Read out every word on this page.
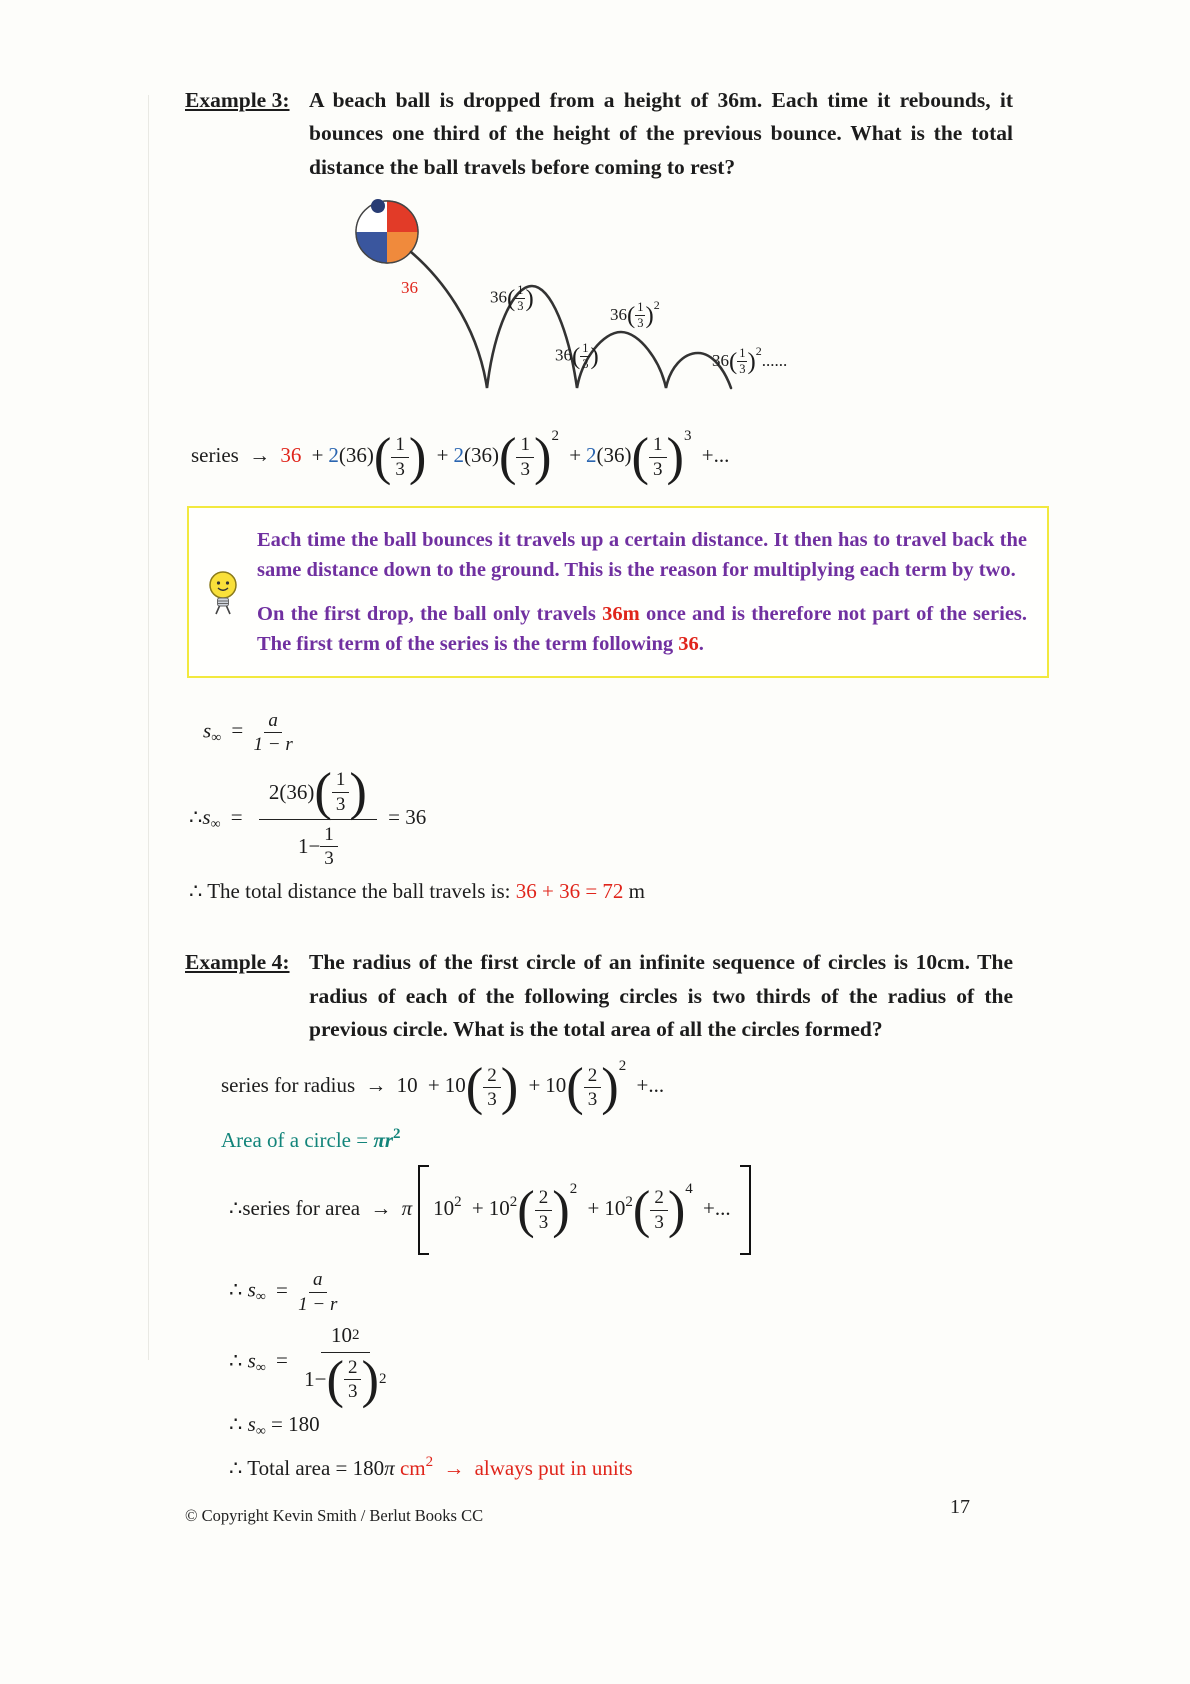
Example 3: A beach ball is dropped from a height of 36m. Each time it rebounds, it bounces one third of the height of the previous bounce. What is the total distance the ball travels before coming to rest?
36
$36( \frac{1}{3}$ )
$36( \frac{1}{3}$ )
$36( \frac{1}{3} )^2$
$36( \frac{1}{3} )^2$......
series → $36 + 2(36)( \frac{1}{3}$ ) + $2(36)( \frac{1}{3} )^2 + 2(36)( \frac{1}{3} )^3$ +...

Each time the ball bounces it travels up a certain distance. It then has to travel back the same distance down to the ground. This is the reason for multiplying each term by two.

On the first drop, the ball only travels 36m once and is therefore not part of the series. The first term of the series is the term following 36.

$s_\infty = \frac{a}{1 - r}$
$\therefore s_\infty = \frac{2(36) ( \frac{1}{3} )}{1- \frac{1}{3}} = 36$
∴ The total distance the ball travels is: 36 + 36 = 72 m
Example 4: The radius of the first circle of an infinite sequence of circles is 10cm. The radius of each of the following circles is two thirds of the radius of the previous circle. What is the total area of all the circles formed?
series for radius → $10 + 10( \frac{2}{3}$ ) + $10( \frac{2}{3} )^2$ +...
Area of a circle = $\pi r^2$
∴series for area → π $10^2 + 10^2( \frac{2}{3} )^2 + 10^2( \frac{2}{3} )^4$ +...
∴ $s_\infty = \frac{a}{1 - r}$
∴ $s_\infty = \frac{10 2}{1- ( \frac{2}{3} ) 2}$
∴ $s_\infty = 180$
∴ Total area = 180π $cm^2$ → always put in units
© Copyright Kevin Smith / Berlut Books CC	17
